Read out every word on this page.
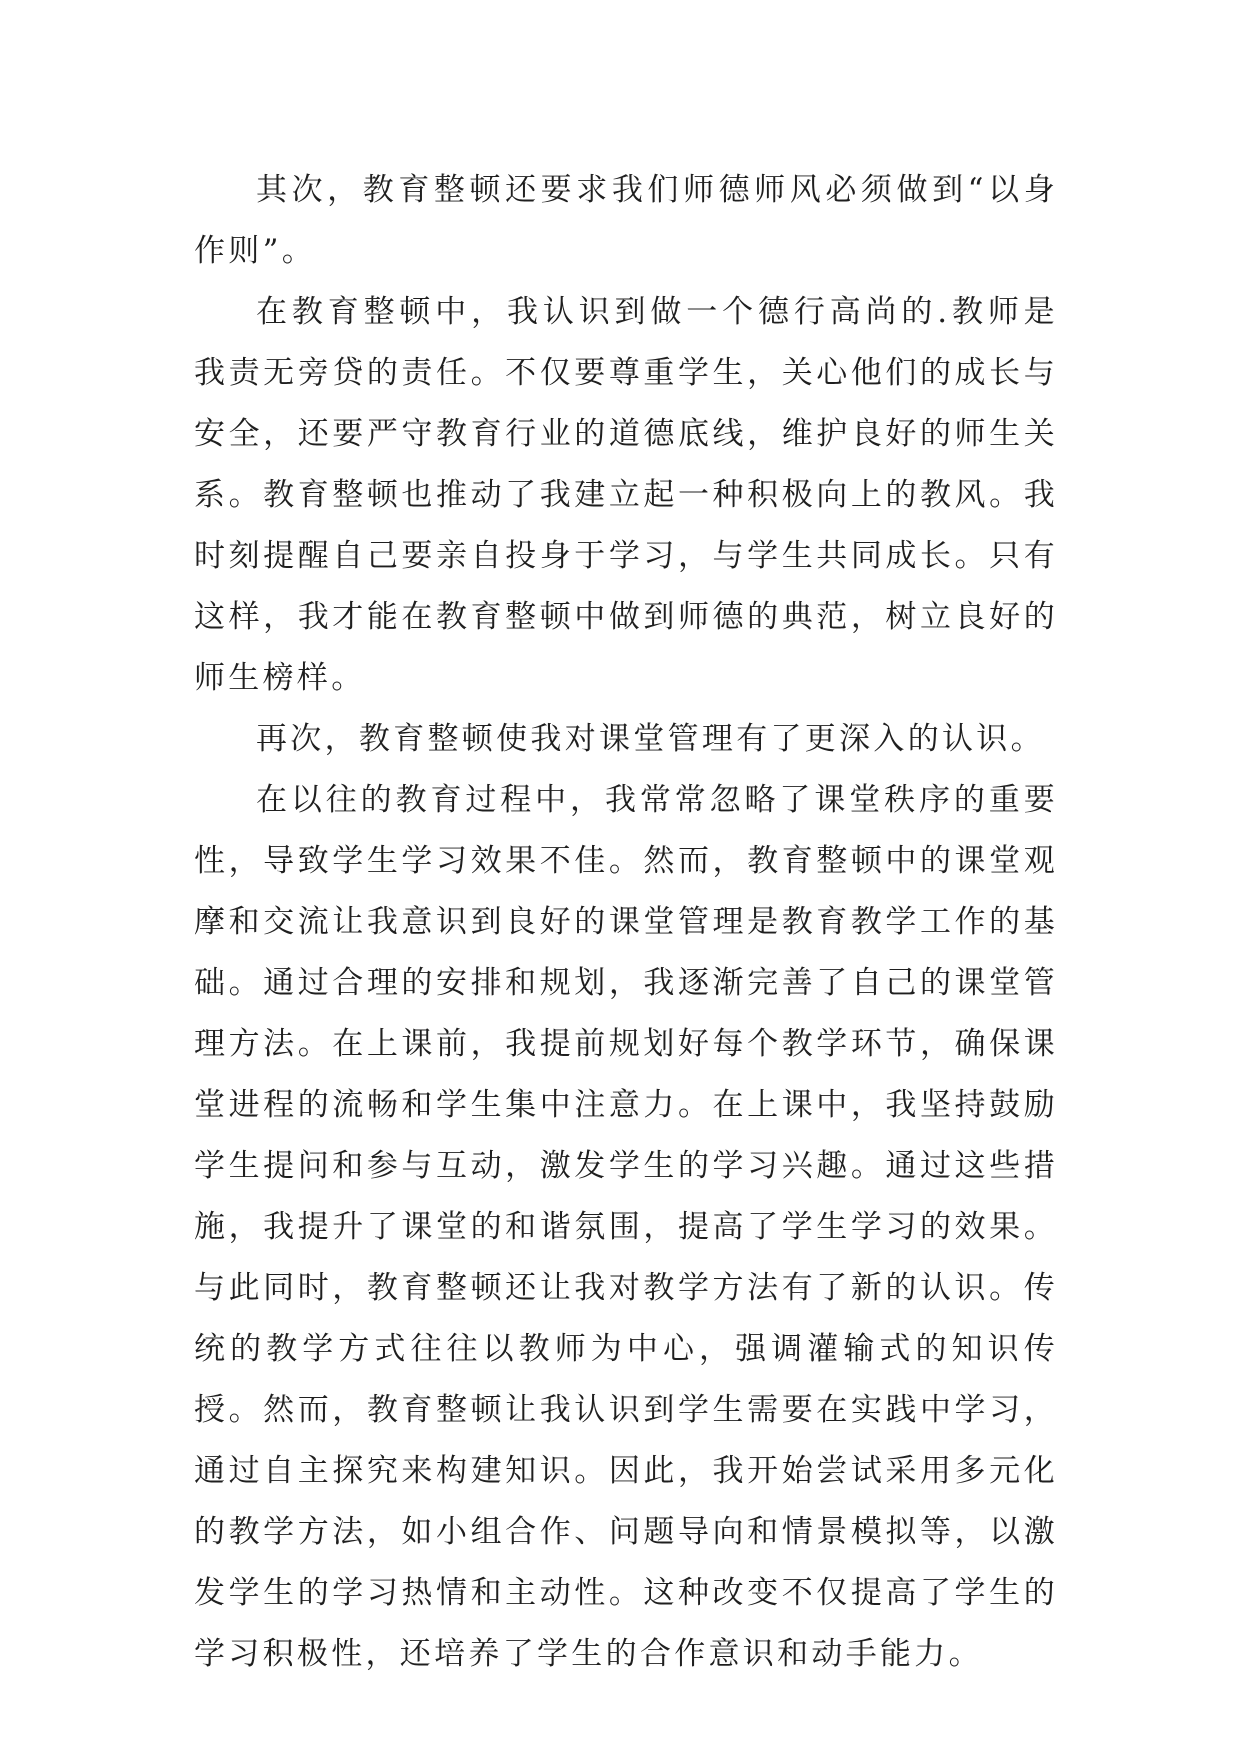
其次，教育整顿还要求我们师德师风必须做到“以身作则”。

在教育整顿中，我认识到做一个德行高尚的.教师是我责无旁贷的责任。不仅要尊重学生，关心他们的成长与安全，还要严守教育行业的道德底线，维护良好的师生关系。教育整顿也推动了我建立起一种积极向上的教风。我时刻提醒自己要亲自投身于学习，与学生共同成长。只有这样，我才能在教育整顿中做到师德的典范，树立良好的师生榜样。

再次，教育整顿使我对课堂管理有了更深入的认识。

在以往的教育过程中，我常常忽略了课堂秩序的重要性，导致学生学习效果不佳。然而，教育整顿中的课堂观摩和交流让我意识到良好的课堂管理是教育教学工作的基础。通过合理的安排和规划，我逐渐完善了自己的课堂管理方法。在上课前，我提前规划好每个教学环节，确保课堂进程的流畅和学生集中注意力。在上课中，我坚持鼓励学生提问和参与互动，激发学生的学习兴趣。通过这些措施，我提升了课堂的和谐氛围，提高了学生学习的效果。与此同时，教育整顿还让我对教学方法有了新的认识。传统的教学方式往往以教师为中心，强调灌输式的知识传授。然而，教育整顿让我认识到学生需要在实践中学习，通过自主探究来构建知识。因此，我开始尝试采用多元化的教学方法，如小组合作、问题导向和情景模拟等，以激发学生的学习热情和主动性。这种改变不仅提高了学生的学习积极性，还培养了学生的合作意识和动手能力。
